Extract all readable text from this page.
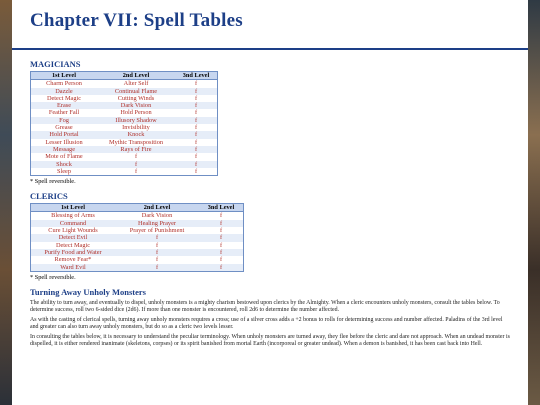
Chapter VII: Spell Tables
MAGICIANS
1st Level	2nd Level	3nd Level
Charm Person	Alter Self	f
Dazzle	Continual Flame	f
Detect Magic	Cutting Winds	f
Erase	Dark Vision	f
Feather Fall	Hold Person	f
Fog	Illusory Shadow	f
Grease	Invisibility	f
Hold Portal	Knock	f
Lesser Illusion	Mythic Transposition	f
Message	Rays of Fire	f
Mote of Flame	f	f
Shock	f	f
Sleep	f	f

* Spell reversible.

CLERICS
1st Level	2nd Level	3nd Level
Blessing of Arms	Dark Vision	f
Command	Healing Prayer	f
Cure Light Wounds	Prayer of Punishment	f
Detect Evil	f	f
Detect Magic	f	f
Purify Food and Water	f	f
Remove Fear*	f	f
Ward Evil	f	f

* Spell reversible.

Turning Away Unholy Monsters

The ability to turn away, and eventually to dispel, unholy monsters is a mighty charism bestowed upon clerics by the Almighty. When a cleric encounters unholy monsters, consult the tables below. To determine success, roll two 6-sided dice (2d6). If more than one monster is encountered, roll 2d6 to determine the number affected.

As with the casting of clerical spells, turning away unholy monsters requires a cross; use of a silver cross adds a +2 bonus to rolls for determining success and number affected. Paladins of the 3rd level and greater can also turn away unholy monsters, but do so as a cleric two levels lesser.

In consulting the tables below, it is necessary to understand the peculiar terminology. When unholy monsters are turned away, they flee before the cleric and dare not approach. When an undead monster is dispelled, it is either rendered inanimate (skeletons, corpses) or its spirit banished from mortal Earth (incorporeal or greater undead). When a demon is banished, it has been cast back into Hell.
